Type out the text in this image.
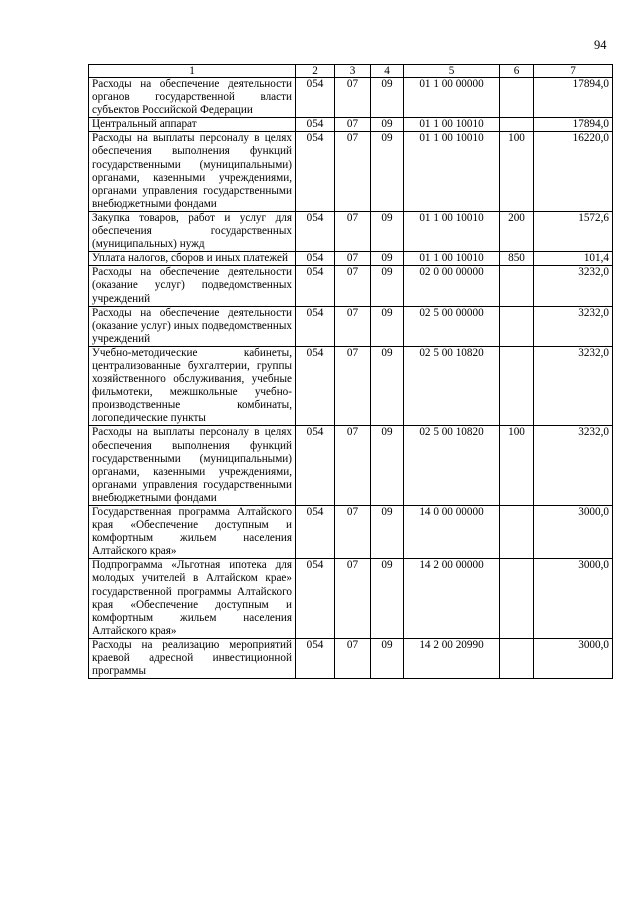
94
1	2	3	4	5	6	7
Расходы на обеспечение деятельности органов государственной власти субъектов Российской Федерации	054	07	09	01 1 00 00000		17894,0
Центральный аппарат	054	07	09	01 1 00 10010		17894,0
Расходы на выплаты персоналу в целях обеспечения выполнения функций государственными (муниципальными) органами, казенными учреждениями, органами управления государственными внебюджетными фондами	054	07	09	01 1 00 10010	100	16220,0
Закупка товаров, работ и услуг для обеспечения государственных (муниципальных) нужд	054	07	09	01 1 00 10010	200	1572,6
Уплата налогов, сборов и иных платежей	054	07	09	01 1 00 10010	850	101,4
Расходы на обеспечение деятельности (оказание услуг) подведомственных учреждений	054	07	09	02 0 00 00000		3232,0
Расходы на обеспечение деятельности (оказание услуг) иных подведомственных учреждений	054	07	09	02 5 00 00000		3232,0
Учебно-методические кабинеты, централизованные бухгалтерии, группы хозяйственного обслуживания, учебные фильмотеки, межшкольные учебно-производственные комбинаты, логопедические пункты	054	07	09	02 5 00 10820		3232,0
Расходы на выплаты персоналу в целях обеспечения выполнения функций государственными (муниципальными) органами, казенными учреждениями, органами управления государственными внебюджетными фондами	054	07	09	02 5 00 10820	100	3232,0
Государственная программа Алтайского края «Обеспечение доступным и комфортным жильем населения Алтайского края»	054	07	09	14 0 00 00000		3000,0
Подпрограмма «Льготная ипотека для молодых учителей в Алтайском крае» государственной программы Алтайского края «Обеспечение доступным и комфортным жильем населения Алтайского края»	054	07	09	14 2 00 00000		3000,0
Расходы на реализацию мероприятий краевой адресной инвестиционной программы	054	07	09	14 2 00 20990		3000,0
